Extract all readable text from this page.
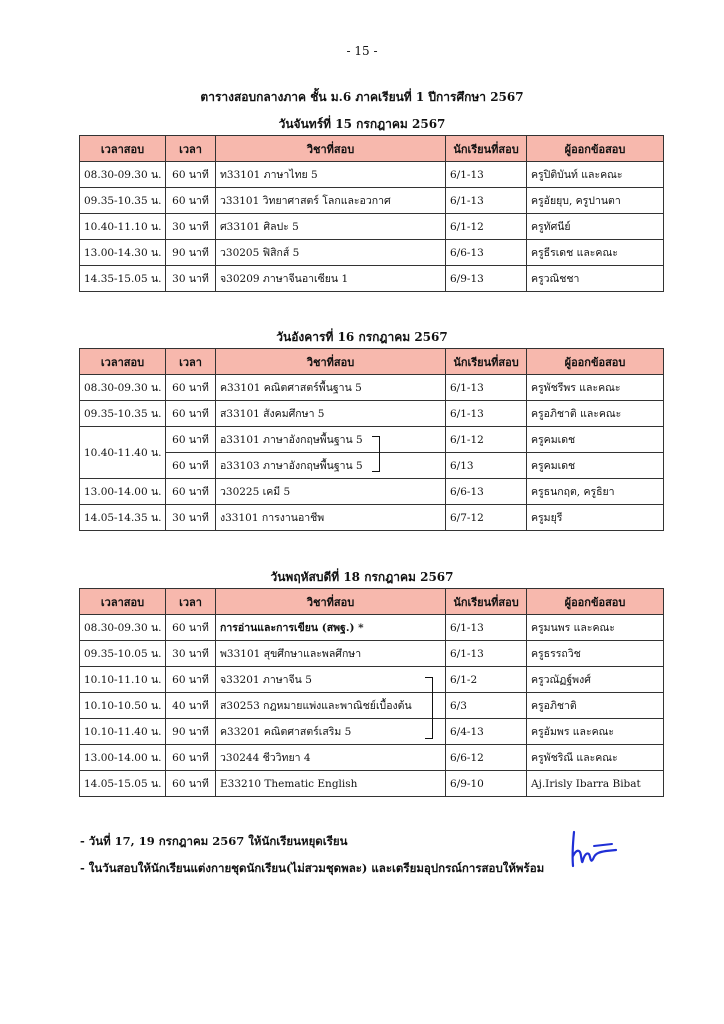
- 15 -
ตารางสอบกลางภาค ชั้น ม.6 ภาคเรียนที่ 1 ปีการศึกษา 2567
วันจันทร์ที่ 15 กรกฎาคม 2567
เวลาสอบ	เวลา	วิชาที่สอบ	นักเรียนที่สอบ	ผู้ออกข้อสอบ
08.30-09.30 น.	60 นาที	ท33101 ภาษาไทย 5	6/1-13	ครูปิติบันท์ และคณะ
09.35-10.35 น.	60 นาที	ว33101 วิทยาศาสตร์ โลกและอวกาศ	6/1-13	ครูอัยยุบ, ครูปานตา
10.40-11.10 น.	30 นาที	ศ33101 ศิลปะ 5	6/1-12	ครูทัศนีย์
13.00-14.30 น.	90 นาที	ว30205 ฟิสิกส์ 5	6/6-13	ครูธีรเดช และคณะ
14.35-15.05 น.	30 นาที	จ30209 ภาษาจีนอาเซียน 1	6/9-13	ครูวณิชชา
วันอังคารที่ 16 กรกฎาคม 2567
เวลาสอบ	เวลา	วิชาที่สอบ	นักเรียนที่สอบ	ผู้ออกข้อสอบ
08.30-09.30 น.	60 นาที	ค33101 คณิตศาสตร์พื้นฐาน 5	6/1-13	ครูพัชรีพร และคณะ
09.35-10.35 น.	60 นาที	ส33101 สังคมศึกษา 5	6/1-13	ครูอภิชาติ และคณะ
10.40-11.40 น.	60 นาที	อ33101 ภาษาอังกฤษพื้นฐาน 5	6/1-12	ครูคมเดช
	60 นาที	อ33103 ภาษาอังกฤษพื้นฐาน 5	6/13	ครูคมเดช
13.00-14.00 น.	60 นาที	ว30225 เคมี 5	6/6-13	ครูธนกฤต, ครูธิยา
14.05-14.35 น.	30 นาที	ง33101 การงานอาชีพ	6/7-12	ครูมยุรี
วันพฤหัสบดีที่ 18 กรกฎาคม 2567
เวลาสอบ	เวลา	วิชาที่สอบ	นักเรียนที่สอบ	ผู้ออกข้อสอบ
08.30-09.30 น.	60 นาที	การอ่านและการเขียน (สพฐ.) *	6/1-13	ครูมนพร และคณะ
09.35-10.05 น.	30 นาที	พ33101 สุขศึกษาและพลศึกษา	6/1-13	ครูธรรถวิช
10.10-11.10 น.	60 นาที	จ33201 ภาษาจีน 5	6/1-2	ครูวณัฏฐ์พงศ์
10.10-10.50 น.	40 นาที	ส30253 กฎหมายแพ่งและพาณิชย์เบื้องต้น	6/3	ครูอภิชาติ
10.10-11.40 น.	90 นาที	ค33201 คณิตศาสตร์เสริม 5	6/4-13	ครูอัมพร และคณะ
13.00-14.00 น.	60 นาที	ว30244 ชีววิทยา 4	6/6-12	ครูพัชริณี และคณะ
14.05-15.05 น.	60 นาที	E33210 Thematic English	6/9-10	Aj.Irisly Ibarra Bibat
- วันที่ 17, 19 กรกฎาคม 2567 ให้นักเรียนหยุดเรียน
- ในวันสอบให้นักเรียนแต่งกายชุดนักเรียน(ไม่สวมชุดพละ) และเตรียมอุปกรณ์การสอบให้พร้อม
